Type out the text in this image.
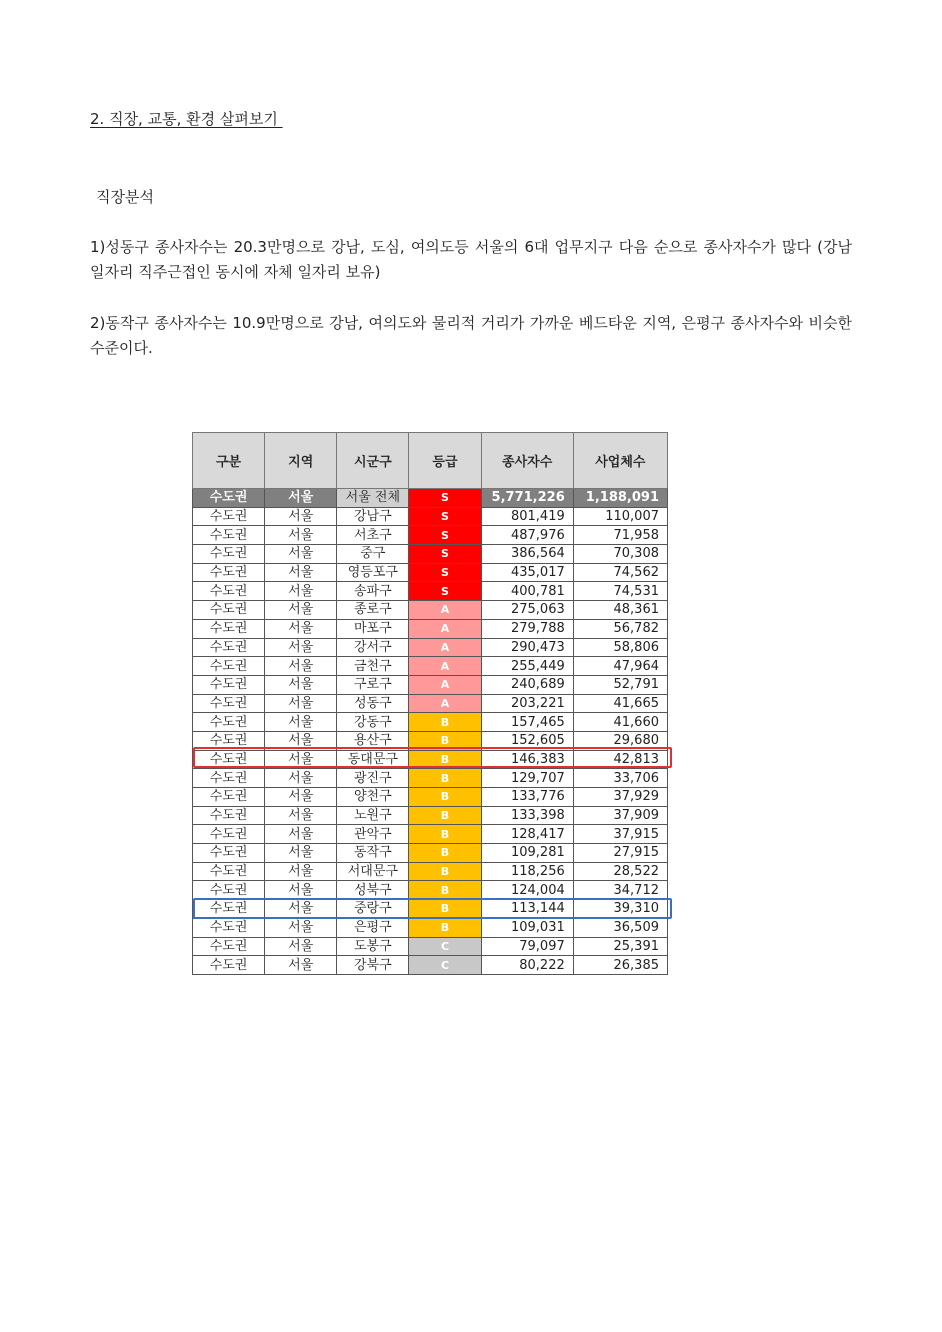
2. 직장, 교통, 환경 살펴보기
직장분석
1)성동구 종사자수는 20.3만명으로 강남, 도심, 여의도등 서울의 6대 업무지구 다음 순으로 종사자수가 많다 (강남 일자리 직주근접인 동시에 자체 일자리 보유)
2)동작구 종사자수는 10.9만명으로 강남, 여의도와 물리적 거리가 가까운 베드타운 지역, 은평구 종사자수와 비슷한 수준이다.
구분	지역	시군구	등급	종사자수	사업체수
수도권	서울	서울 전체	S	5,771,226	1,188,091
수도권	서울	강남구	S	801,419	110,007
수도권	서울	서초구	S	487,976	71,958
수도권	서울	중구	S	386,564	70,308
수도권	서울	영등포구	S	435,017	74,562
수도권	서울	송파구	S	400,781	74,531
수도권	서울	종로구	A	275,063	48,361
수도권	서울	마포구	A	279,788	56,782
수도권	서울	강서구	A	290,473	58,806
수도권	서울	금천구	A	255,449	47,964
수도권	서울	구로구	A	240,689	52,791
수도권	서울	성동구	A	203,221	41,665
수도권	서울	강동구	B	157,465	41,660
수도권	서울	용산구	B	152,605	29,680
수도권	서울	동대문구	B	146,383	42,813
수도권	서울	광진구	B	129,707	33,706
수도권	서울	양천구	B	133,776	37,929
수도권	서울	노원구	B	133,398	37,909
수도권	서울	관악구	B	128,417	37,915
수도권	서울	동작구	B	109,281	27,915
수도권	서울	서대문구	B	118,256	28,522
수도권	서울	성북구	B	124,004	34,712
수도권	서울	중랑구	B	113,144	39,310
수도권	서울	은평구	B	109,031	36,509
수도권	서울	도봉구	C	79,097	25,391
수도권	서울	강북구	C	80,222	26,385
